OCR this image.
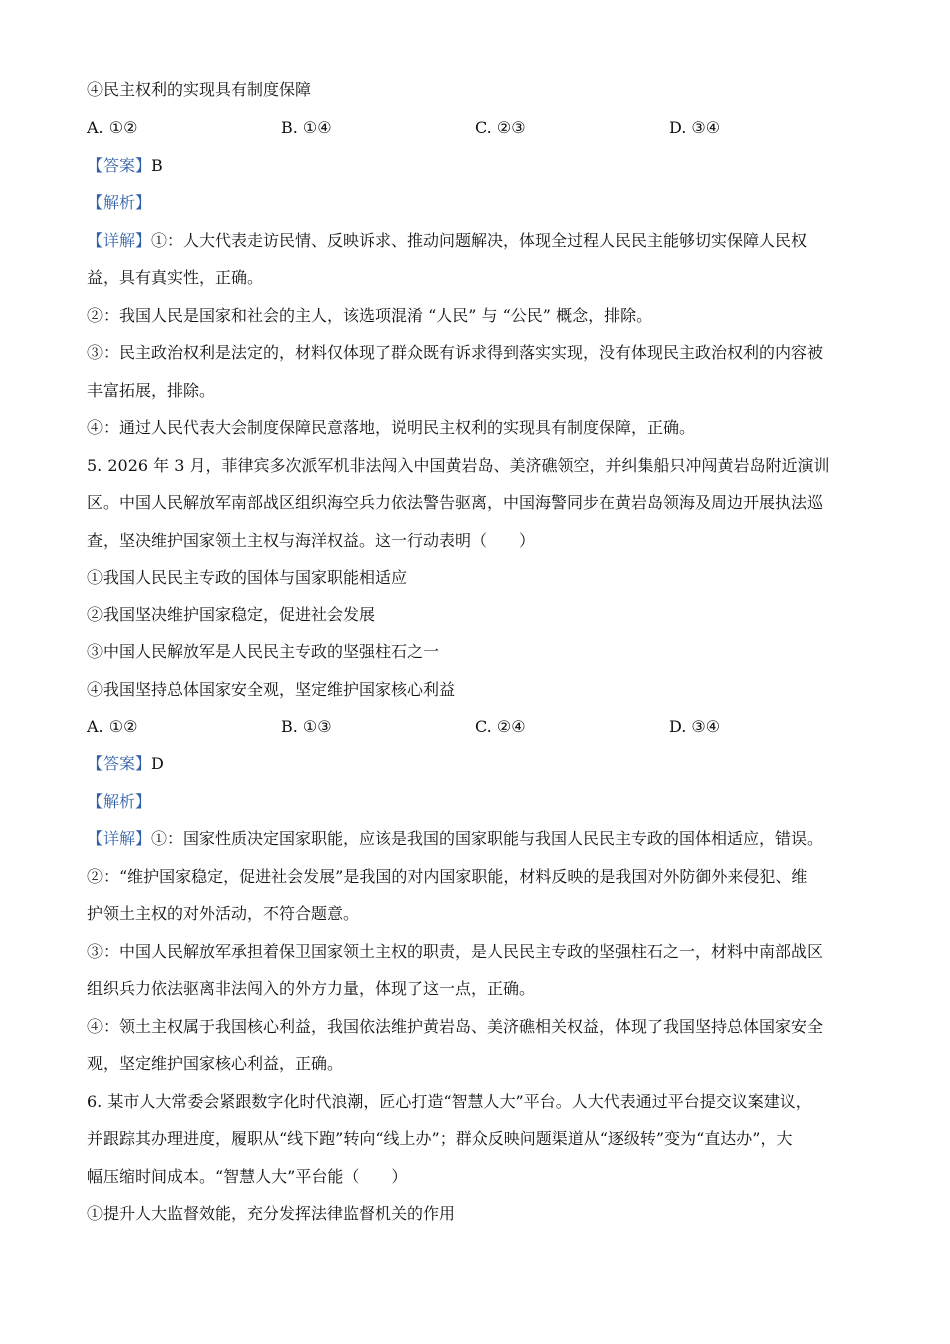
④民主权利的实现具有制度保障
A. ①②	B. ①④	C. ②③	D. ③④
【答案】B
【解析】
【详解】①：人大代表走访民情、反映诉求、推动问题解决，体现全过程人民民主能够切实保障人民权
益，具有真实性，正确。
②：我国人民是国家和社会的主人，该选项混淆 “人民” 与 “公民” 概念，排除。
③：民主政治权利是法定的，材料仅体现了群众既有诉求得到落实实现，没有体现民主政治权利的内容被
丰富拓展，排除。
④：通过人民代表大会制度保障民意落地，说明民主权利的实现具有制度保障，正确。
5. 2026 年 3 月，菲律宾多次派军机非法闯入中国黄岩岛、美济礁领空，并纠集船只冲闯黄岩岛附近演训
区。中国人民解放军南部战区组织海空兵力依法警告驱离，中国海警同步在黄岩岛领海及周边开展执法巡
查，坚决维护国家领土主权与海洋权益。这一行动表明（　　）
①我国人民民主专政的国体与国家职能相适应
②我国坚决维护国家稳定，促进社会发展
③中国人民解放军是人民民主专政的坚强柱石之一
④我国坚持总体国家安全观，坚定维护国家核心利益
A. ①②	B. ①③	C. ②④	D. ③④
【答案】D
【解析】
【详解】①：国家性质决定国家职能，应该是我国的国家职能与我国人民民主专政的国体相适应，错误。
②：“维护国家稳定，促进社会发展”是我国的对内国家职能，材料反映的是我国对外防御外来侵犯、维
护领土主权的对外活动，不符合题意。
③：中国人民解放军承担着保卫国家领土主权的职责，是人民民主专政的坚强柱石之一，材料中南部战区
组织兵力依法驱离非法闯入的外方力量，体现了这一点，正确。
④：领土主权属于我国核心利益，我国依法维护黄岩岛、美济礁相关权益，体现了我国坚持总体国家安全
观，坚定维护国家核心利益，正确。
6. 某市人大常委会紧跟数字化时代浪潮，匠心打造“智慧人大”平台。人大代表通过平台提交议案建议，
并跟踪其办理进度，履职从“线下跑”转向“线上办”；群众反映问题渠道从“逐级转”变为“直达办”，大
幅压缩时间成本。“智慧人大”平台能（　　）
①提升人大监督效能，充分发挥法律监督机关的作用
